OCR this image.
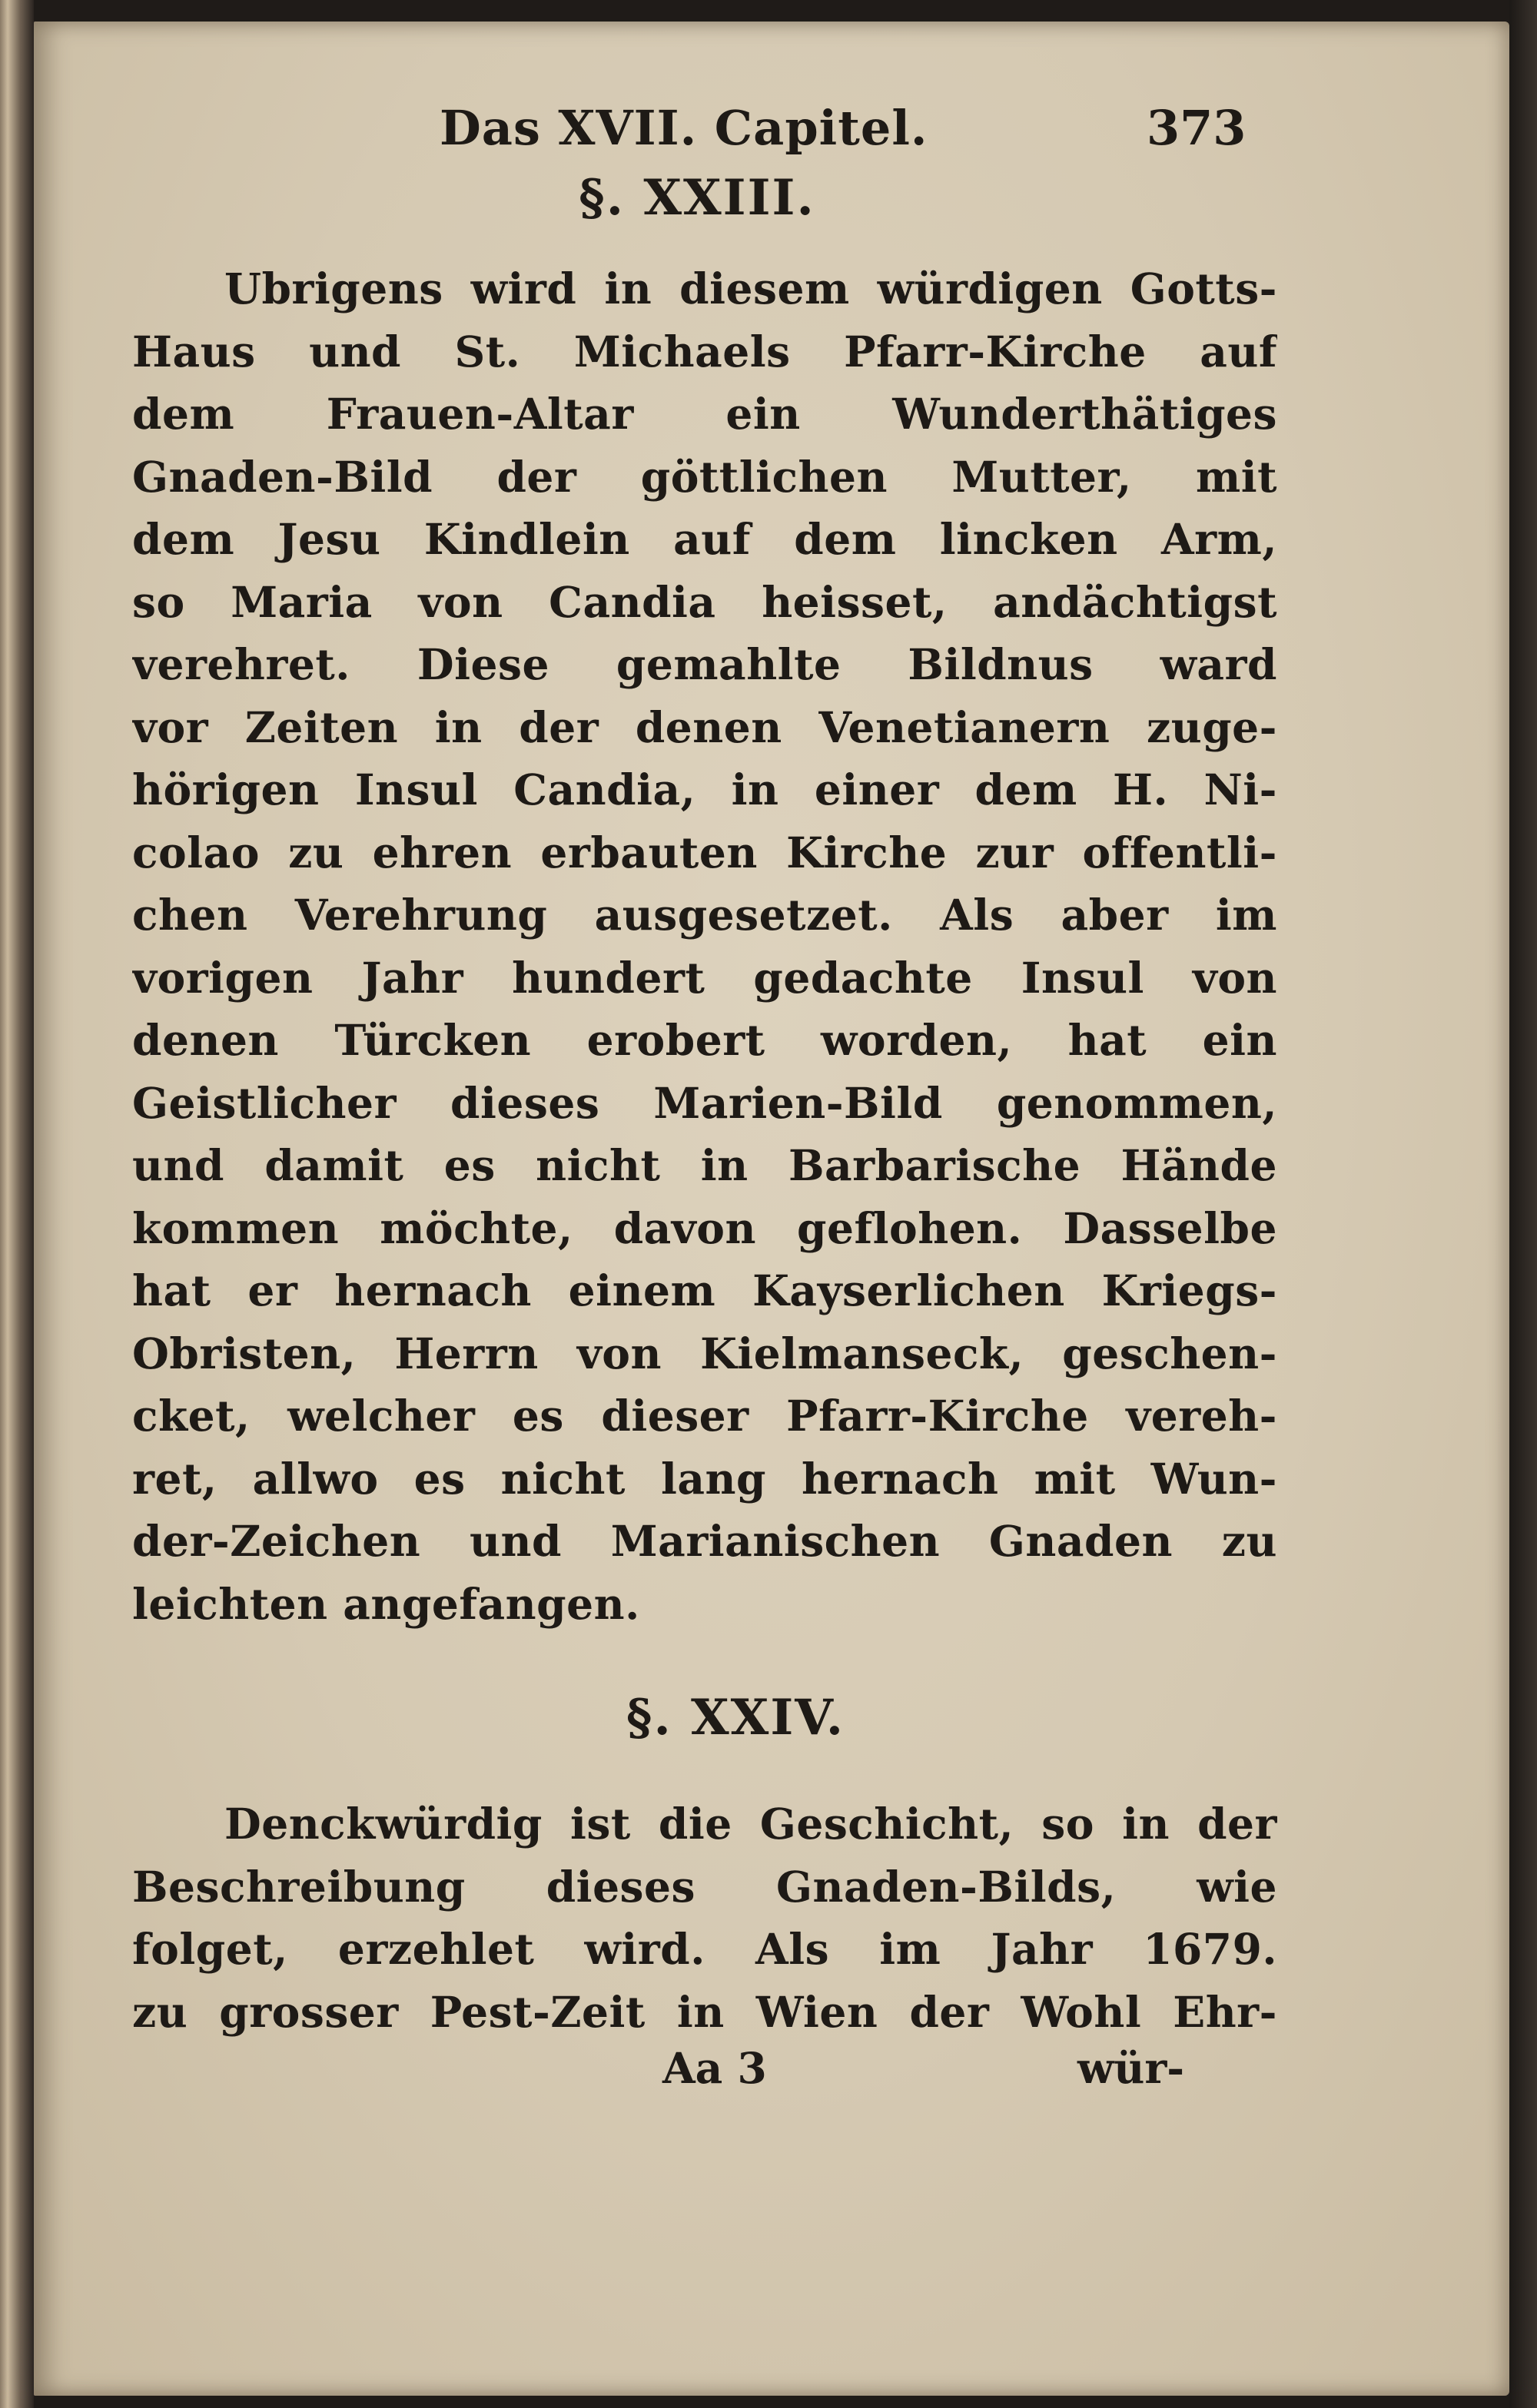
Das XVII. Capitel.	373
§. XXIII.
Ubrigens wird in diesem würdigen Gotts-
Haus und St. Michaels Pfarr-Kirche auf
dem Frauen-Altar ein Wunderthätiges
Gnaden-Bild der göttlichen Mutter, mit
dem Jesu Kindlein auf dem lincken Arm,
so Maria von Candia heisset, andächtigst
verehret. Diese gemahlte Bildnus ward
vor Zeiten in der denen Venetianern zuge-
hörigen Insul Candia, in einer dem H. Ni-
colao zu ehren erbauten Kirche zur offentli-
chen Verehrung ausgesetzet. Als aber im
vorigen Jahr hundert gedachte Insul von
denen Türcken erobert worden, hat ein
Geistlicher dieses Marien-Bild genommen,
und damit es nicht in Barbarische Hände
kommen möchte, davon geflohen. Dasselbe
hat er hernach einem Kayserlichen Kriegs-
Obristen, Herrn von Kielmanseck, geschen-
cket, welcher es dieser Pfarr-Kirche vereh-
ret, allwo es nicht lang hernach mit Wun-
der-Zeichen und Marianischen Gnaden zu
leichten angefangen.
§. XXIV.
Denckwürdig ist die Geschicht, so in der
Beschreibung dieses Gnaden-Bilds, wie
folget, erzehlet wird. Als im Jahr 1679.
zu grosser Pest-Zeit in Wien der Wohl Ehr-
Aa 3	wür-
